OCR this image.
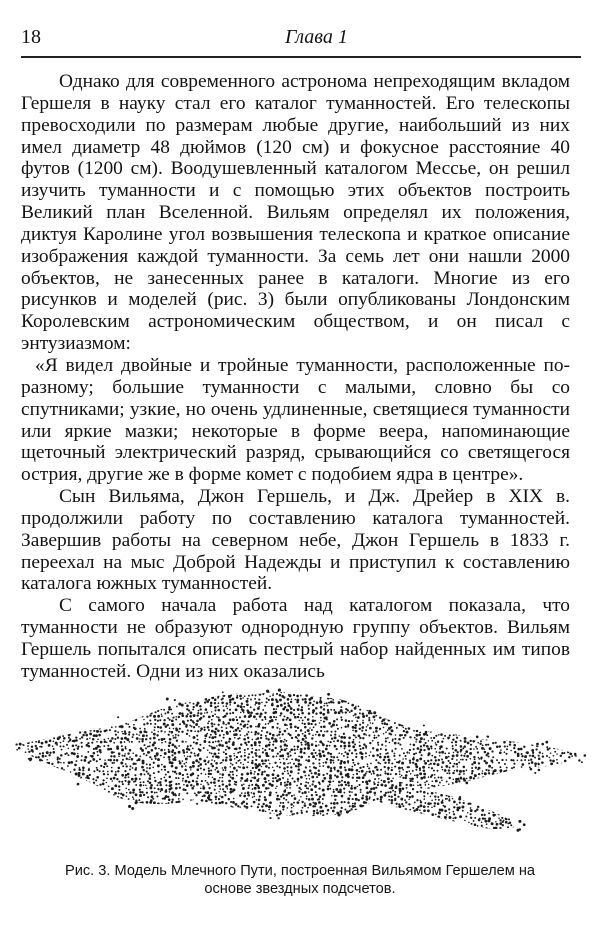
18	Глава 1

Однако для современного астронома непреходящим вкладом Гершеля в науку стал его каталог туманностей. Его телескопы превосходили по размерам любые другие, наибольший из них имел диаметр 48 дюймов (120 см) и фокусное расстояние 40 футов (1200 см). Воодушевленный каталогом Мессье, он решил изучить туманности и с помощью этих объектов построить Великий план Вселенной. Вильям определял их положения, диктуя Каролине угол возвышения телескопа и краткое описание изображения каждой туманности. За семь лет они нашли 2000 объектов, не занесенных ранее в каталоги. Многие из его рисунков и моделей (рис. 3) были опубликованы Лондонским Королевским астрономическим обществом, и он писал с энтузиазмом:

«Я видел двойные и тройные туманности, расположенные по-разному; большие туманности с малыми, словно бы со спутниками; узкие, но очень удлиненные, светящиеся туманности или яркие мазки; некоторые в форме веера, напоминающие щеточный электрический разряд, срывающийся со светящегося острия, другие же в форме комет с подобием ядра в центре».

Сын Вильяма, Джон Гершель, и Дж. Дрейер в XIX в. продолжили работу по составлению каталога туманностей. Завершив работы на северном небе, Джон Гершель в 1833 г. переехал на мыс Доброй Надежды и приступил к составлению каталога южных туманностей.

С самого начала работа над каталогом показала, что туманности не образуют однородную группу объектов. Вильям Гершель попытался описать пестрый набор найденных им типов туманностей. Одни из них оказались

Рис. 3. Модель Млечного Пути, построенная Вильямом Гершелем на
основе звездных подсчетов.
